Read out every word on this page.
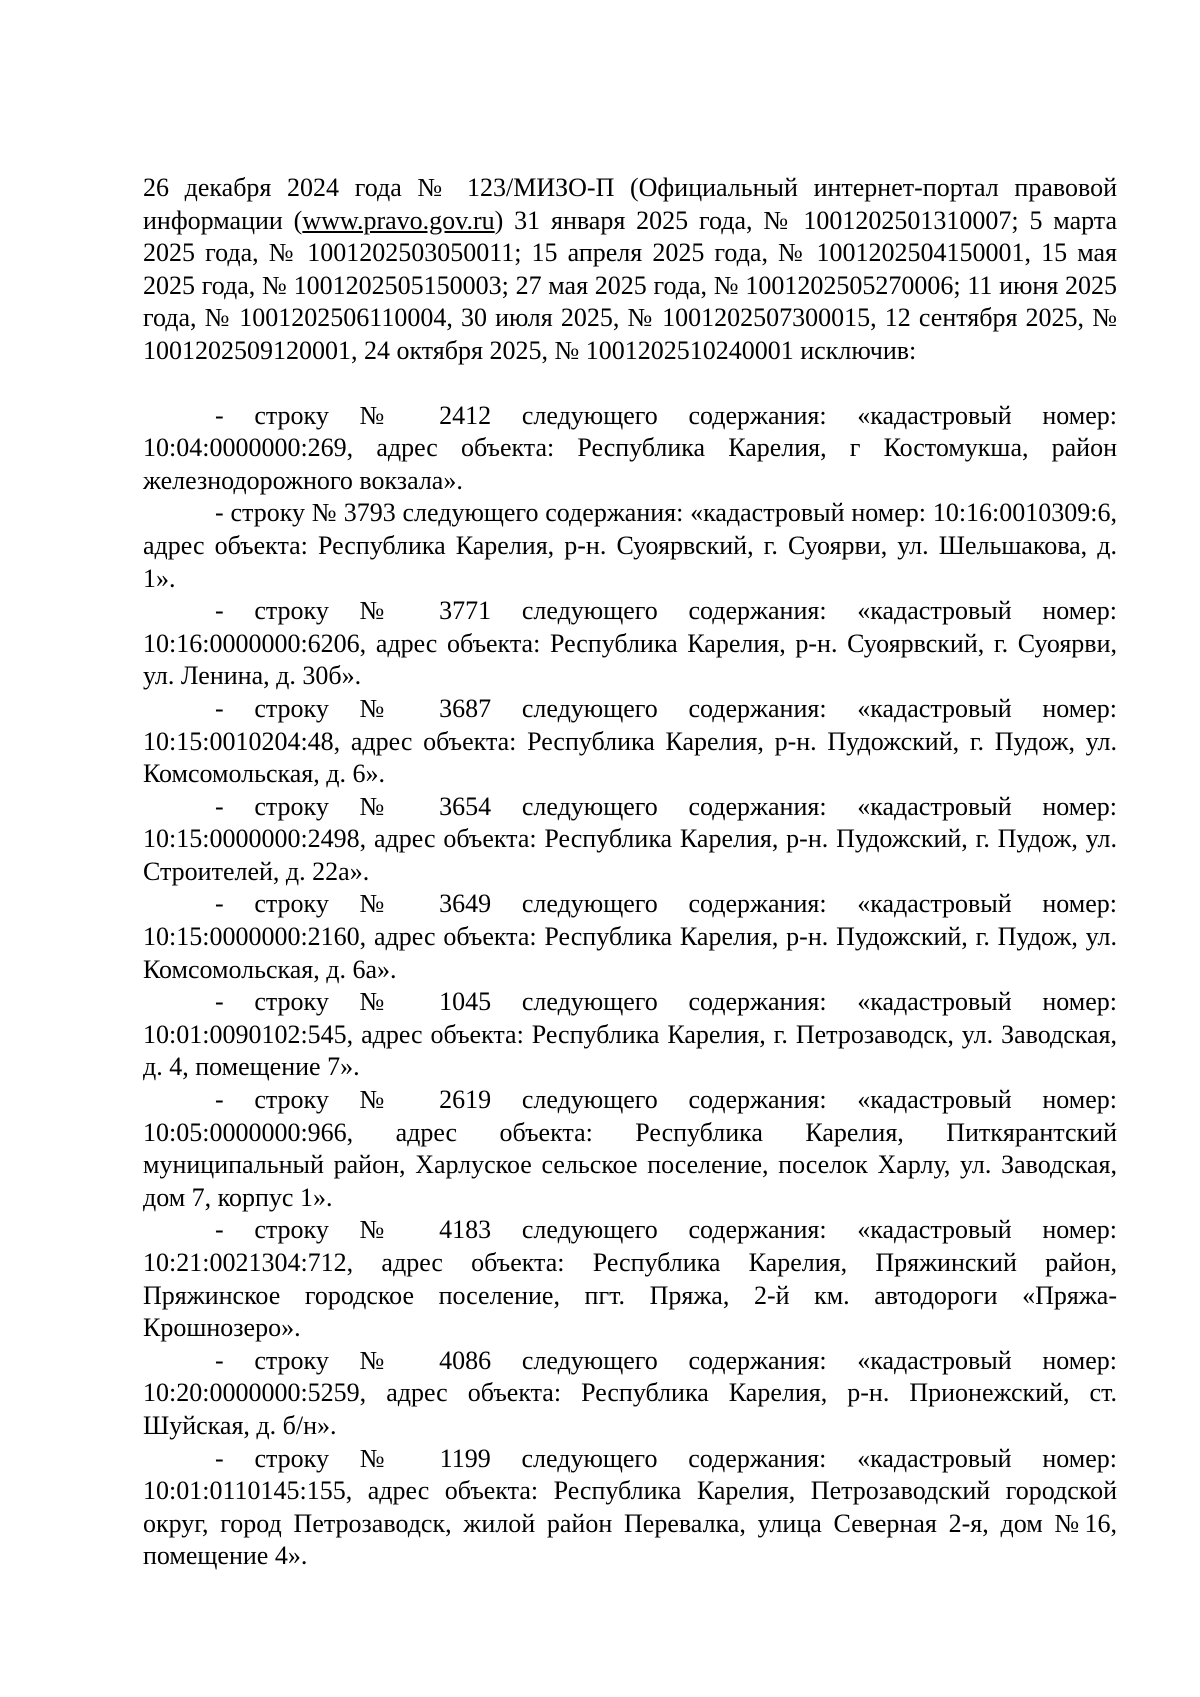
26 декабря 2024 года № 123/МИЗО-П (Официальный интернет-портал правовой информации (www.pravo.gov.ru) 31 января 2025 года, № 1001202501310007; 5 марта 2025 года, № 1001202503050011; 15 апреля 2025 года, № 1001202504150001, 15 мая 2025 года, № 1001202505150003; 27 мая 2025 года, № 1001202505270006; 11 июня 2025 года, № 1001202506110004, 30 июля 2025, № 1001202507300015, 12 сентября 2025, № 1001202509120001, 24 октября 2025, № 1001202510240001 исключив:

- строку № 2412 следующего содержания: «кадастровый номер: 10:04:0000000:269, адрес объекта: Республика Карелия, г Костомукша, район железнодорожного вокзала».

- строку № 3793 следующего содержания: «кадастровый номер: 10:16:0010309:6, адрес объекта: Республика Карелия, р-н. Суоярвский, г. Суоярви, ул. Шельшакова, д. 1».

- строку № 3771 следующего содержания: «кадастровый номер: 10:16:0000000:6206, адрес объекта: Республика Карелия, р-н. Суоярвский, г. Суоярви, ул. Ленина, д. 30б».

- строку № 3687 следующего содержания: «кадастровый номер: 10:15:0010204:48, адрес объекта: Республика Карелия, р-н. Пудожский, г. Пудож, ул. Комсомольская, д. 6».

- строку № 3654 следующего содержания: «кадастровый номер: 10:15:0000000:2498, адрес объекта: Республика Карелия, р-н. Пудожский, г. Пудож, ул. Строителей, д. 22а».

- строку № 3649 следующего содержания: «кадастровый номер: 10:15:0000000:2160, адрес объекта: Республика Карелия, р-н. Пудожский, г. Пудож, ул. Комсомольская, д. 6а».

- строку № 1045 следующего содержания: «кадастровый номер: 10:01:0090102:545, адрес объекта: Республика Карелия, г. Петрозаводск, ул. Заводская, д. 4, помещение 7».

- строку № 2619 следующего содержания: «кадастровый номер: 10:05:0000000:966, адрес объекта: Республика Карелия, Питкярантский муниципальный район, Харлуское сельское поселение, поселок Харлу, ул. Заводская, дом 7, корпус 1».

- строку № 4183 следующего содержания: «кадастровый номер: 10:21:0021304:712, адрес объекта: Республика Карелия, Пряжинский район, Пряжинское городское поселение, пгт. Пряжа, 2-й км. автодороги «Пряжа-Крошнозеро».

- строку № 4086 следующего содержания: «кадастровый номер: 10:20:0000000:5259, адрес объекта: Республика Карелия, р-н. Прионежский, ст. Шуйская, д. б/н».

- строку № 1199 следующего содержания: «кадастровый номер: 10:01:0110145:155, адрес объекта: Республика Карелия, Петрозаводский городской округ, город Петрозаводск, жилой район Перевалка, улица Северная 2-я, дом №16, помещение 4».
